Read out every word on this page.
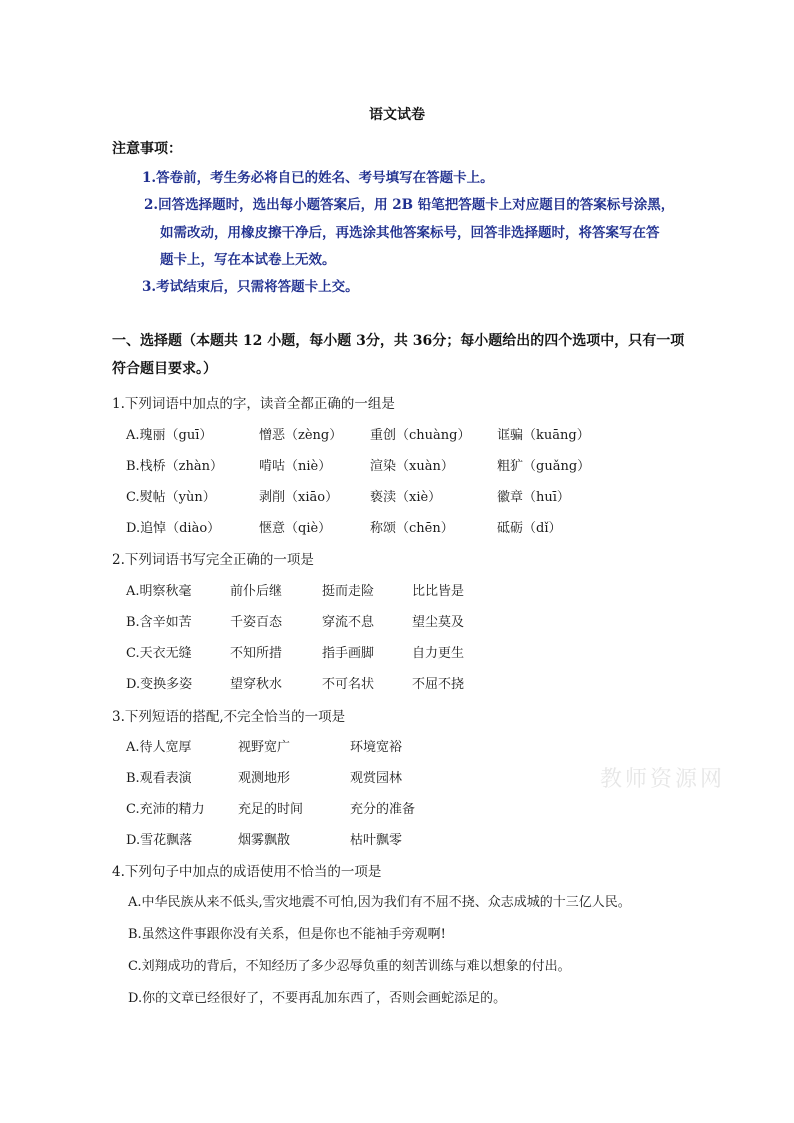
语文试卷
注意事项：
1.答卷前，考生务必将自已的姓名、考号填写在答题卡上。
2.回答选择题时，选出每小题答案后，用 2B 铅笔把答题卡上对应题目的答案标号涂黑，
如需改动，用橡皮擦干净后，再选涂其他答案标号，回答非选择题时，将答案写在答
题卡上，写在本试卷上无效。
3.考试结束后，只需将答题卡上交。
一、选择题（本题共 12 小题，每小题 3分，共 36分；每小题给出的四个选项中，只有一项
符合题目要求。）
1.下列词语中加点的字，读音全都正确的一组是
A.瑰丽（guī）	憎恶（zèng） 重创（chuàng） 诓骗（kuāng）
B.栈桥（zhàn）	啃咕（niè）	渲染（xuàn）	粗犷（guǎng）
C.熨帖（yùn）	剥削（xiāo） 亵渎（xiè）	徽章（huī）
D.追悼（diào）	惬意（qiè）	称颂（chēn）	砥砺（dǐ）
2.下列词语书写完全正确的一项是
A.明察秋毫	前仆后继	挺而走险	比比皆是
B.含辛如苦	千姿百态	穿流不息	望尘莫及
C.天衣无缝	不知所措	指手画脚	自力更生
D.变换多姿	望穿秋水	不可名状	不屈不挠
3.下列短语的搭配,不完全恰当的一项是
A.待人宽厚	视野宽广	环境宽裕
B.观看表演	观测地形	观赏园林
C.充沛的精力	充足的时间	充分的准备
D.雪花飘落	烟雾飘散	枯叶飘零
4.下列句子中加点的成语使用不恰当的一项是
A.中华民族从来不低头,雪灾地震不可怕,因为我们有不屈不挠、众志成城的十三亿人民。
B.虽然这件事跟你没有关系，但是你也不能袖手旁观啊!
C.刘翔成功的背后，不知经历了多少忍辱负重的刻苦训练与难以想象的付出。
D.你的文章已经很好了，不要再乱加东西了，否则会画蛇添足的。
教师资源网
